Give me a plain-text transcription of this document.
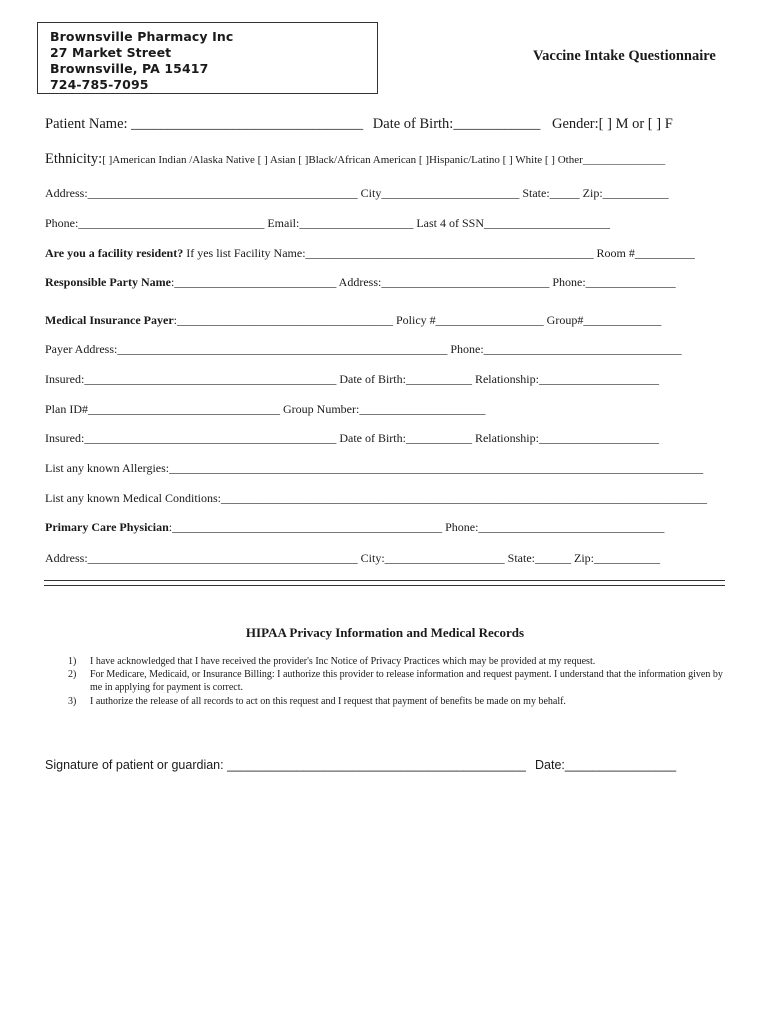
Brownsville Pharmacy Inc
27 Market Street
Brownsville, PA 15417
724-785-7095
Vaccine Intake Questionnaire
Patient Name: ________________________________ Date of Birth:____________ Gender:[ ] M or [ ] F
Ethnicity:[ ]American Indian /Alaska Native [ ] Asian [ ]Black/African American [ ]Hispanic/Latino [ ] White [ ] Other_______________
Address:_____________________________________________ City_______________________ State:_____ Zip:___________
Phone:_______________________________ Email:___________________ Last 4 of SSN_____________________
Are you a facility resident? If yes list Facility Name:________________________________________________ Room #__________
Responsible Party Name:___________________________ Address:____________________________ Phone:_______________
Medical Insurance Payer:____________________________________ Policy #__________________ Group#_____________
Payer Address:_______________________________________________________ Phone:_________________________________
Insured:__________________________________________ Date of Birth:___________ Relationship:____________________
Plan ID#________________________________ Group Number:_____________________
Insured:__________________________________________ Date of Birth:___________ Relationship:____________________
List any known Allergies:_________________________________________________________________________________________
List any known Medical Conditions:_________________________________________________________________________________
Primary Care Physician:_____________________________________________ Phone:_______________________________
Address:_____________________________________________ City:____________________ State:______ Zip:___________
HIPAA Privacy Information and Medical Records
1)	I have acknowledged that I have received the provider's Inc Notice of Privacy Practices which may be provided at my request.
2)	For Medicare, Medicaid, or Insurance Billing: I authorize this provider to release information and request payment. I understand that the information given by me in applying for payment is correct.
3)	I authorize the release of all records to act on this request and I request that payment of benefits be made on my behalf.
Signature of patient or guardian: ___________________________________________ Date:________________
